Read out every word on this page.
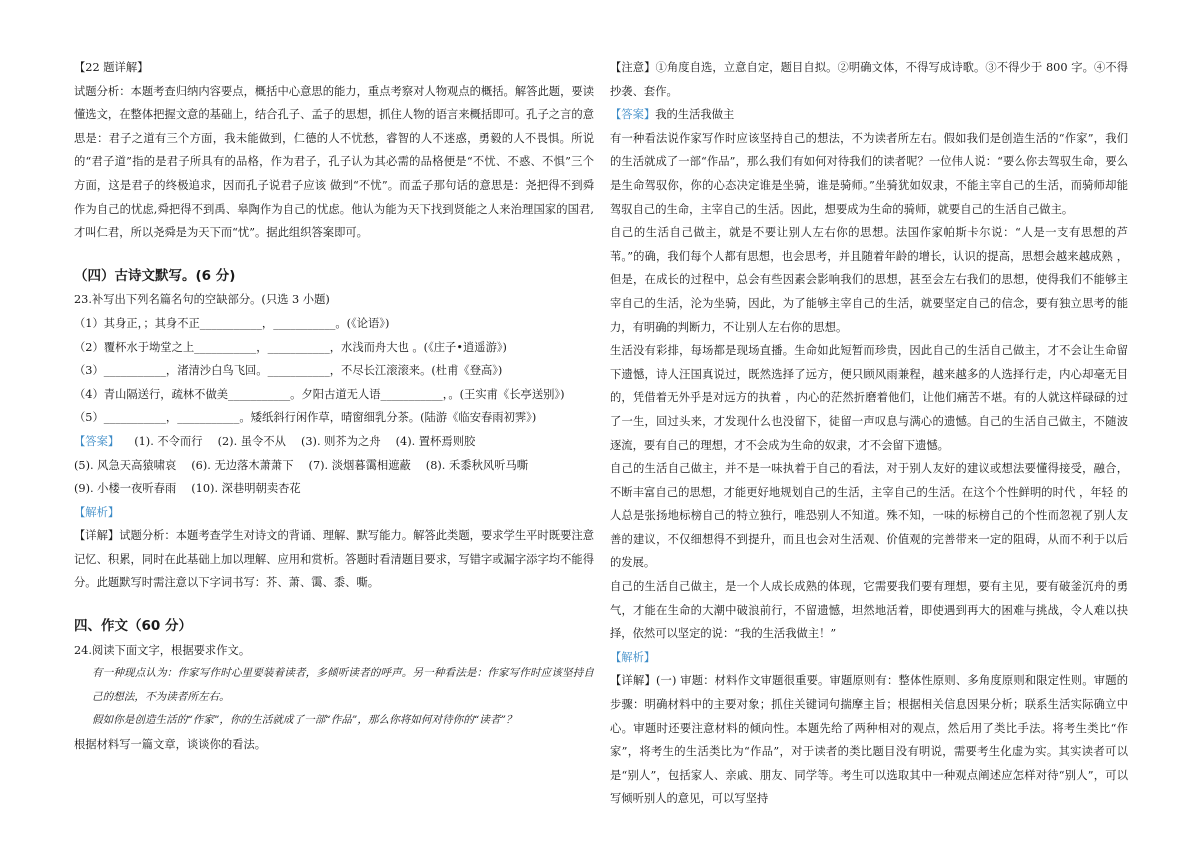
【22 题详解】

试题分析：本题考查归纳内容要点，概括中心意思的能力，重点考察对人物观点的概括。解答此题，要读懂选文，在整体把握文意的基础上，结合孔子、孟子的思想，抓住人物的语言来概括即可。孔子之言的意思是：君子之道有三个方面，我未能做到，仁德的人不忧愁，睿智的人不迷惑，勇毅的人不畏惧。所说的“君子道”指的是君子所具有的品格，作为君子，孔子认为其必需的品格便是“不忧、不惑、不惧”三个方面，这是君子的终极追求，因而孔子说君子应该 做到“不忧”。而孟子那句话的意思是：尧把得不到舜作为自己的忧虑,舜把得不到禹、皋陶作为自己的忧虑。他认为能为天下找到贤能之人来治理国家的国君,才叫仁君，所以尧舜是为天下而“忧”。据此组织答案即可。

（四）古诗文默写。(6 分)

23.补写出下列名篇名句的空缺部分。(只选 3 小题)

（1）其身正，；其身不正___________，___________。(《论语》)

（2）覆杯水于坳堂之上___________，___________，水浅而舟大也 。(《庄子•逍遥游》)

（3）___________，渚清沙白鸟飞回。___________，不尽长江滚滚来。(杜甫《登高》)

（4）青山隔送行，疏林不做美___________。夕阳古道无人语___________，。(王实甫《长亭送别》)

（5）___________，___________。矮纸斜行闲作草，晴窗细乳分茶。(陆游《临安春雨初霁》)

【答案】 (1). 不令而行 (2). 虽令不从 (3). 则芥为之舟 (4). 置杯焉则胶
(5). 风急天高猿啸哀 (6). 无边落木萧萧下 (7). 淡烟暮霭相遮蔽 (8). 禾黍秋风听马嘶
(9). 小楼一夜听春雨 (10). 深巷明朝卖杏花

【解析】

【详解】试题分析：本题考查学生对诗文的背诵、理解、默写能力。解答此类题，要求学生平时既要注意记忆、积累，同时在此基础上加以理解、应用和赏析。答题时看清题目要求，写错字或漏字添字均不能得分。此题默写时需注意以下字词书写：芥、萧、霭、黍、嘶。

四、作文（60 分）

24.阅读下面文字，根据要求作文。

有一种现点认为：作家写作时心里要装着读者，多倾听读者的呼声。另一种看法是：作家写作时应该坚持自己的想法，不为读者所左右。

假如你是创造生活的“作家”，你的生活就成了一部“作品”，那么你将如何对待你的“读者”？

根据材料写一篇文章，谈谈你的看法。

【注意】①角度自选，立意自定，题目自拟。②明确文体，不得写成诗歌。③不得少于 800 字。④不得抄袭、套作。

【答案】我的生活我做主

有一种看法说作家写作时应该坚持自己的想法，不为读者所左右。假如我们是创造生活的“作家”，我们的生活就成了一部“作品”，那么我们有如何对待我们的读者呢？一位伟人说：“要么你去驾驭生命，要么是生命驾驭你，你的心态决定谁是坐骑，谁是骑师。”坐骑犹如奴隶，不能主宰自己的生活，而骑师却能驾驭自己的生命，主宰自己的生活。因此，想要成为生命的骑师，就要自己的生活自己做主。

自己的生活自己做主，就是不要让别人左右你的思想。法国作家帕斯卡尔说：“人是一支有思想的芦苇。”的确，我们每个人都有思想，也会思考，并且随着年龄的增长，认识的提高，思想会越来越成熟 ，但是，在成长的过程中，总会有些因素会影响我们的思想，甚至会左右我们的思想，使得我们不能够主宰自己的生活，沦为坐骑，因此，为了能够主宰自己的生活，就要坚定自己的信念，要有独立思考的能力，有明确的判断力，不让别人左右你的思想。

生活没有彩排，每场都是现场直播。生命如此短暂而珍贵，因此自己的生活自己做主，才不会让生命留下遗憾，诗人汪国真说过，既然选择了远方，便只顾风雨兼程，越来越多的人选择行走，内心却毫无目的，凭借着无外乎是对远方的执着 ，内心的茫然折磨着他们，让他们痛苦不堪。有的人就这样碌碌的过了一生，回过头来，才发现什么也没留下，徒留一声叹息与满心的遗憾。自己的生活自己做主，不随波逐流，要有自己的理想，才不会成为生命的奴隶，才不会留下遗憾。

自己的生活自己做主，并不是一味执着于自己的看法，对于别人友好的建议或想法要懂得接受，融合，不断丰富自己的思想，才能更好地规划自己的生活，主宰自己的生活。在这个个性鲜明的时代 ，年轻 的人总是张扬地标榜自己的特立独行，唯恐别人不知道。殊不知，一味的标榜自己的个性而忽视了别人友善的建议，不仅细想得不到提升，而且也会对生活观、价值观的完善带来一定的阻碍，从而不利于以后的发展。

自己的生活自己做主，是一个人成长成熟的体现，它需要我们要有理想，要有主见，要有破釜沉舟的勇气，才能在生命的大潮中破浪前行，不留遗憾，坦然地活着，即使遇到再大的困难与挑战，令人难以抉择，依然可以坚定的说：“我的生活我做主！”

【解析】

【详解】(一) 审题：材料作文审题很重要。审题原则有：整体性原则、多角度原则和限定性则。审题的步骤：明确材料中的主要对象；抓住关键词句揣摩主旨；根据相关信息因果分析；联系生活实际确立中心。审题时还要注意材料的倾向性。本题先给了两种相对的观点，然后用了类比手法。将考生类比“作家”，将考生的生活类比为“作品”，对于读者的类比题目没有明说，需要考生化虚为实。其实读者可以是“别人”，包括家人、亲戚、朋友、同学等。考生可以选取其中一种观点阐述应怎样对待“别人”，可以写倾听别人的意见，可以写坚持
